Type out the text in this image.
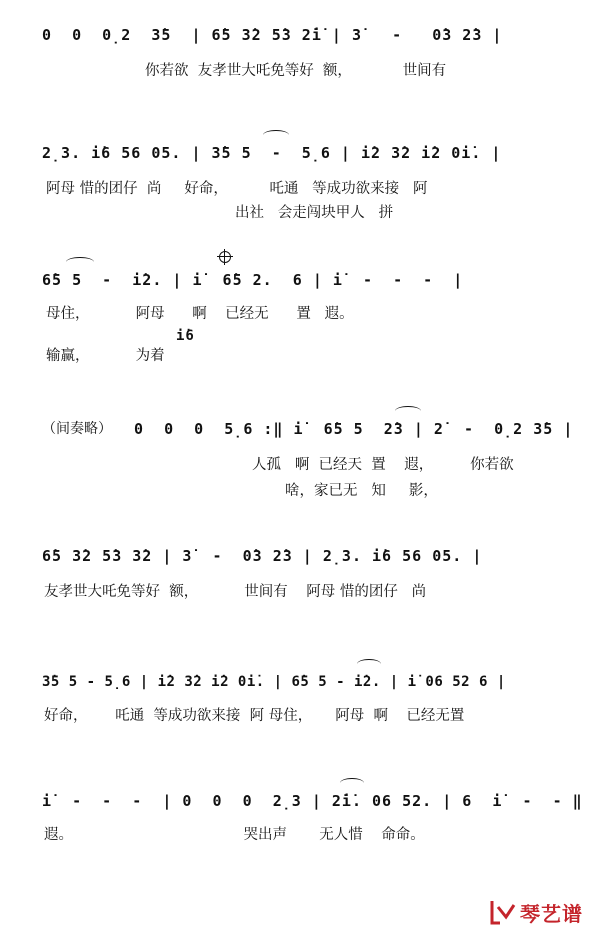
0  0  0̣2  3̇5  | 6̇5 3̇2 5̇3 2̇i̇ | 3̇   -   0̇3 2̇3 |
你若欲  友孝世大吒免等好  额，           世间有
2̣3. i̇6 56 05. | 3̇5 5  -  5̣6 | i̇2 3̇2 i̇2 0i̇. |
阿母 惜的团仔  尚     好命，         吒通   等成功欲来接   阿
出社   会走闯块甲人   拼
6̇5 5  -  i̇2. | i̇  6̇5 2.  6 | i̇  -  -  -  |
母住，          阿母      啊    已经无      置   遐。
i̇6
输赢，          为着
（间奏略） 0  0  0  5̣6 :‖ i̇  6̇5 5  2̇3 | 2̇  -  0̣2 3̇5 |
人孤   啊  已经天  置    遐，        你若欲
啥，家已无   知     影，
6̇5 3̇2 5̇3 3̇2 | 3̇  -  0̇3 2̇3 | 2̣3. i̇6 56 05. |
友孝世大吒免等好  额，          世间有    阿母 惜的团仔   尚
3̇5 5 - 5̣6 | i̇2 3̇2 i̇2 0i̇. | 6̇5 5 - i̇2. | i̇ 06 52 6 |
好命，      吒通  等成功欲来接  阿 母住，     阿母  啊    已经无置
i̇  -  -  -  | 0  0  0  2̣3 | 2̇i̇. 06 52. | 6  i̇  -  - ‖
遐。                                     哭出声       无人惜    命命。
琴艺谱
